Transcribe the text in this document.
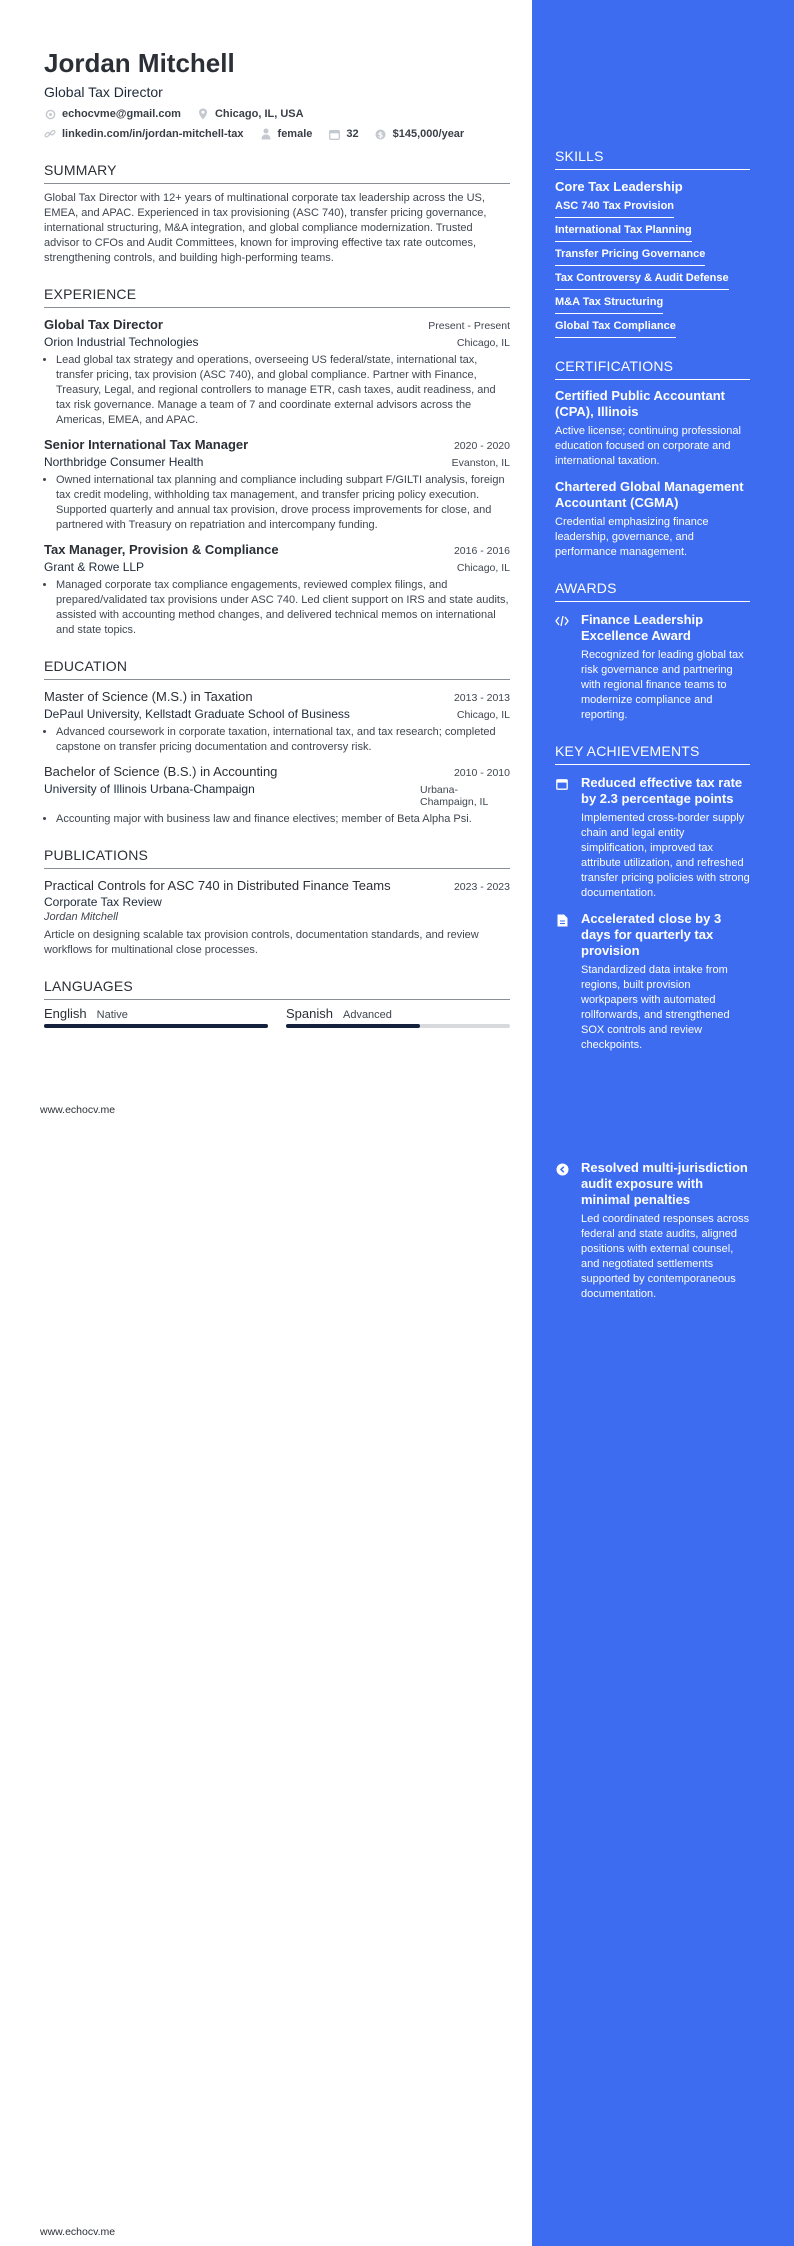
Jordan Mitchell
Global Tax Director
echocvme@gmail.com	Chicago, IL, USA
linkedin.com/in/jordan-mitchell-tax	female	32 $ $145,000/year
SUMMARY
Global Tax Director with 12+ years of multinational corporate tax leadership across the US, EMEA, and APAC. Experienced in tax provisioning (ASC 740), transfer pricing governance, international structuring, M&A integration, and global compliance modernization. Trusted advisor to CFOs and Audit Committees, known for improving effective tax rate outcomes, strengthening controls, and building high-performing teams.
EXPERIENCE
Global Tax Director	Present - Present
Orion Industrial Technologies	Chicago, IL
• Lead global tax strategy and operations, overseeing US federal/state, international tax, transfer pricing, tax provision (ASC 740), and global compliance. Partner with Finance, Treasury, Legal, and regional controllers to manage ETR, cash taxes, audit readiness, and tax risk governance. Manage a team of 7 and coordinate external advisors across the Americas, EMEA, and APAC.
Senior International Tax Manager	2020 - 2020
Northbridge Consumer Health	Evanston, IL
• Owned international tax planning and compliance including subpart F/GILTI analysis, foreign tax credit modeling, withholding tax management, and transfer pricing policy execution. Supported quarterly and annual tax provision, drove process improvements for close, and partnered with Treasury on repatriation and intercompany funding.
Tax Manager, Provision & Compliance	2016 - 2016
Grant & Rowe LLP	Chicago, IL
• Managed corporate tax compliance engagements, reviewed complex filings, and prepared/validated tax provisions under ASC 740. Led client support on IRS and state audits, assisted with accounting method changes, and delivered technical memos on international and state topics.
EDUCATION
Master of Science (M.S.) in Taxation	2013 - 2013
DePaul University, Kellstadt Graduate School of Business	Chicago, IL
• Advanced coursework in corporate taxation, international tax, and tax research; completed capstone on transfer pricing documentation and controversy risk.
Bachelor of Science (B.S.) in Accounting	2010 - 2010
University of Illinois Urbana-Champaign	Urbana-Champaign, IL
• Accounting major with business law and finance electives; member of Beta Alpha Psi.
PUBLICATIONS
Practical Controls for ASC 740 in Distributed Finance Teams	2023 - 2023
Corporate Tax Review
Jordan Mitchell
Article on designing scalable tax provision controls, documentation standards, and review workflows for multinational close processes.
LANGUAGES
English Native	Spanish Advanced
www.echocv.me
www.echocv.me
SKILLS
Core Tax Leadership
ASC 740 Tax Provision
International Tax Planning
Transfer Pricing Governance
Tax Controversy & Audit Defense
M&A Tax Structuring
Global Tax Compliance
CERTIFICATIONS
Certified Public Accountant (CPA), Illinois
Active license; continuing professional education focused on corporate and international taxation.
Chartered Global Management Accountant (CGMA)
Credential emphasizing finance leadership, governance, and performance management.
AWARDS
Finance Leadership Excellence Award
Recognized for leading global tax risk governance and partnering with regional finance teams to modernize compliance and reporting.
KEY ACHIEVEMENTS
Reduced effective tax rate by 2.3 percentage points
Implemented cross-border supply chain and legal entity simplification, improved tax attribute utilization, and refreshed transfer pricing policies with strong documentation.
Accelerated close by 3 days for quarterly tax provision
Standardized data intake from regions, built provision workpapers with automated rollforwards, and strengthened SOX controls and review checkpoints.
Resolved multi-jurisdiction audit exposure with minimal penalties
Led coordinated responses across federal and state audits, aligned positions with external counsel, and negotiated settlements supported by contemporaneous documentation.
